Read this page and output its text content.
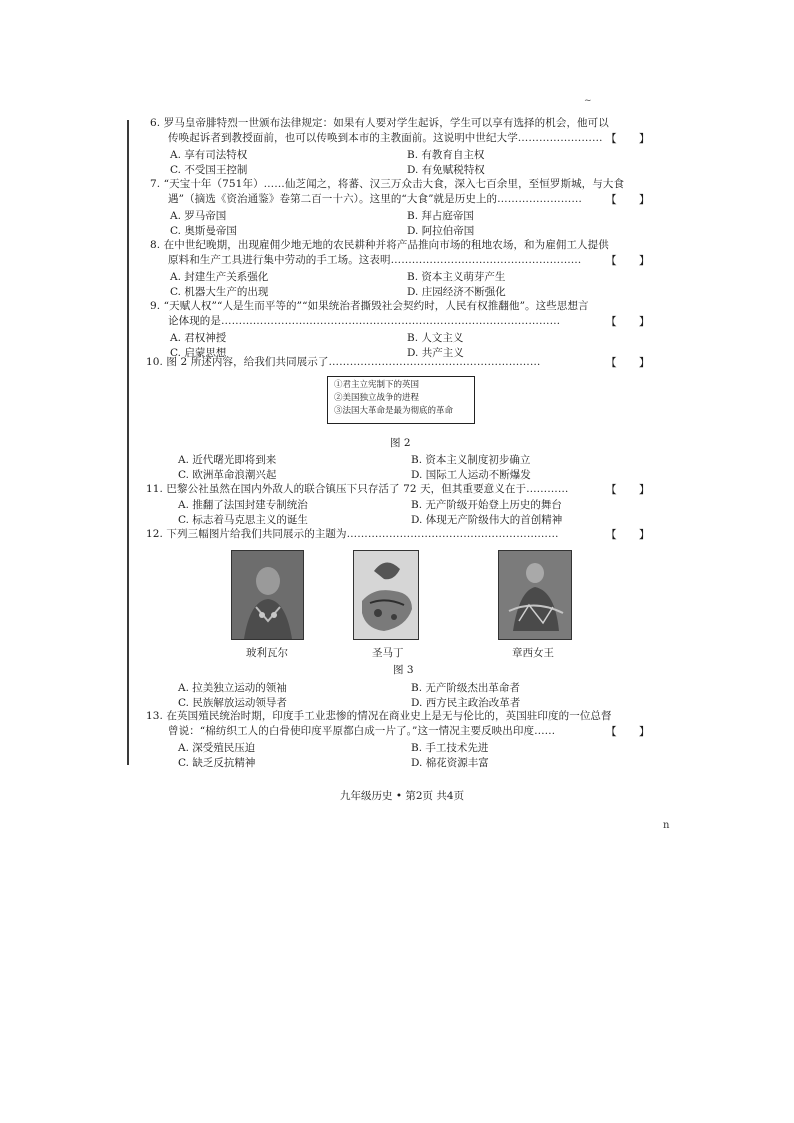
~
6. 罗马皇帝腓特烈一世颁布法律规定：如果有人要对学生起诉，学生可以享有选择的机会，他可以
传唤起诉者到教授面前，也可以传唤到本市的主教面前。这说明中世纪大学…………………… 【　　】
A. 享有司法特权	B. 有教育自主权
C. 不受国王控制	D. 有免赋税特权
7. “天宝十年（751年）……仙芝闻之，将蕃、汉三万众击大食，深入七百余里，至恒罗斯城，与大食
遇”（摘选《资治通鉴》卷第二百一十六）。这里的“大食”就是历史上的……………………	【　　】
A. 罗马帝国	B. 拜占庭帝国
C. 奥斯曼帝国	D. 阿拉伯帝国
8. 在中世纪晚期，出现雇佣少地无地的农民耕种并将产品推向市场的租地农场，和为雇佣工人提供
原料和生产工具进行集中劳动的手工场。这表明………………………………………………	【　　】
A. 封建生产关系强化	B. 资本主义萌芽产生
C. 机器大生产的出现	D. 庄园经济不断强化
9. “天赋人权”“人是生而平等的”“如果统治者撕毁社会契约时，人民有权推翻他”。这些思想言
论体现的是……………………………………………………………………………………	【　　】
A. 君权神授	B. 人文主义
C. 启蒙思想	D. 共产主义
10. 图 2 所述内容，给我们共同展示了……………………………………………………	【　　】
①君主立宪制下的英国
②美国独立战争的进程
③法国大革命是最为彻底的革命
图 2
A. 近代曙光即将到来	B. 资本主义制度初步确立
C. 欧洲革命浪潮兴起	D. 国际工人运动不断爆发
11. 巴黎公社虽然在国内外敌人的联合镇压下只存活了 72 天，但其重要意义在于…………	【　　】
A. 推翻了法国封建专制统治	B. 无产阶级开始登上历史的舞台
C. 标志着马克思主义的诞生	D. 体现无产阶级伟大的首创精神
12. 下列三幅图片给我们共同展示的主题为……………………………………………………	【　　】
玻利瓦尔	圣马丁	章西女王
图 3
A. 拉美独立运动的领袖	B. 无产阶级杰出革命者
C. 民族解放运动领导者	D. 西方民主政治改革者
13. 在英国殖民统治时期，印度手工业悲惨的情况在商业史上是无与伦比的，英国驻印度的一位总督
曾说：“棉纺织工人的白骨使印度平原都白成一片了。”这一情况主要反映出印度……	【　　】
A. 深受殖民压迫	B. 手工技术先进
C. 缺乏反抗精神	D. 棉花资源丰富
九年级历史 • 第2页 共4页
n
